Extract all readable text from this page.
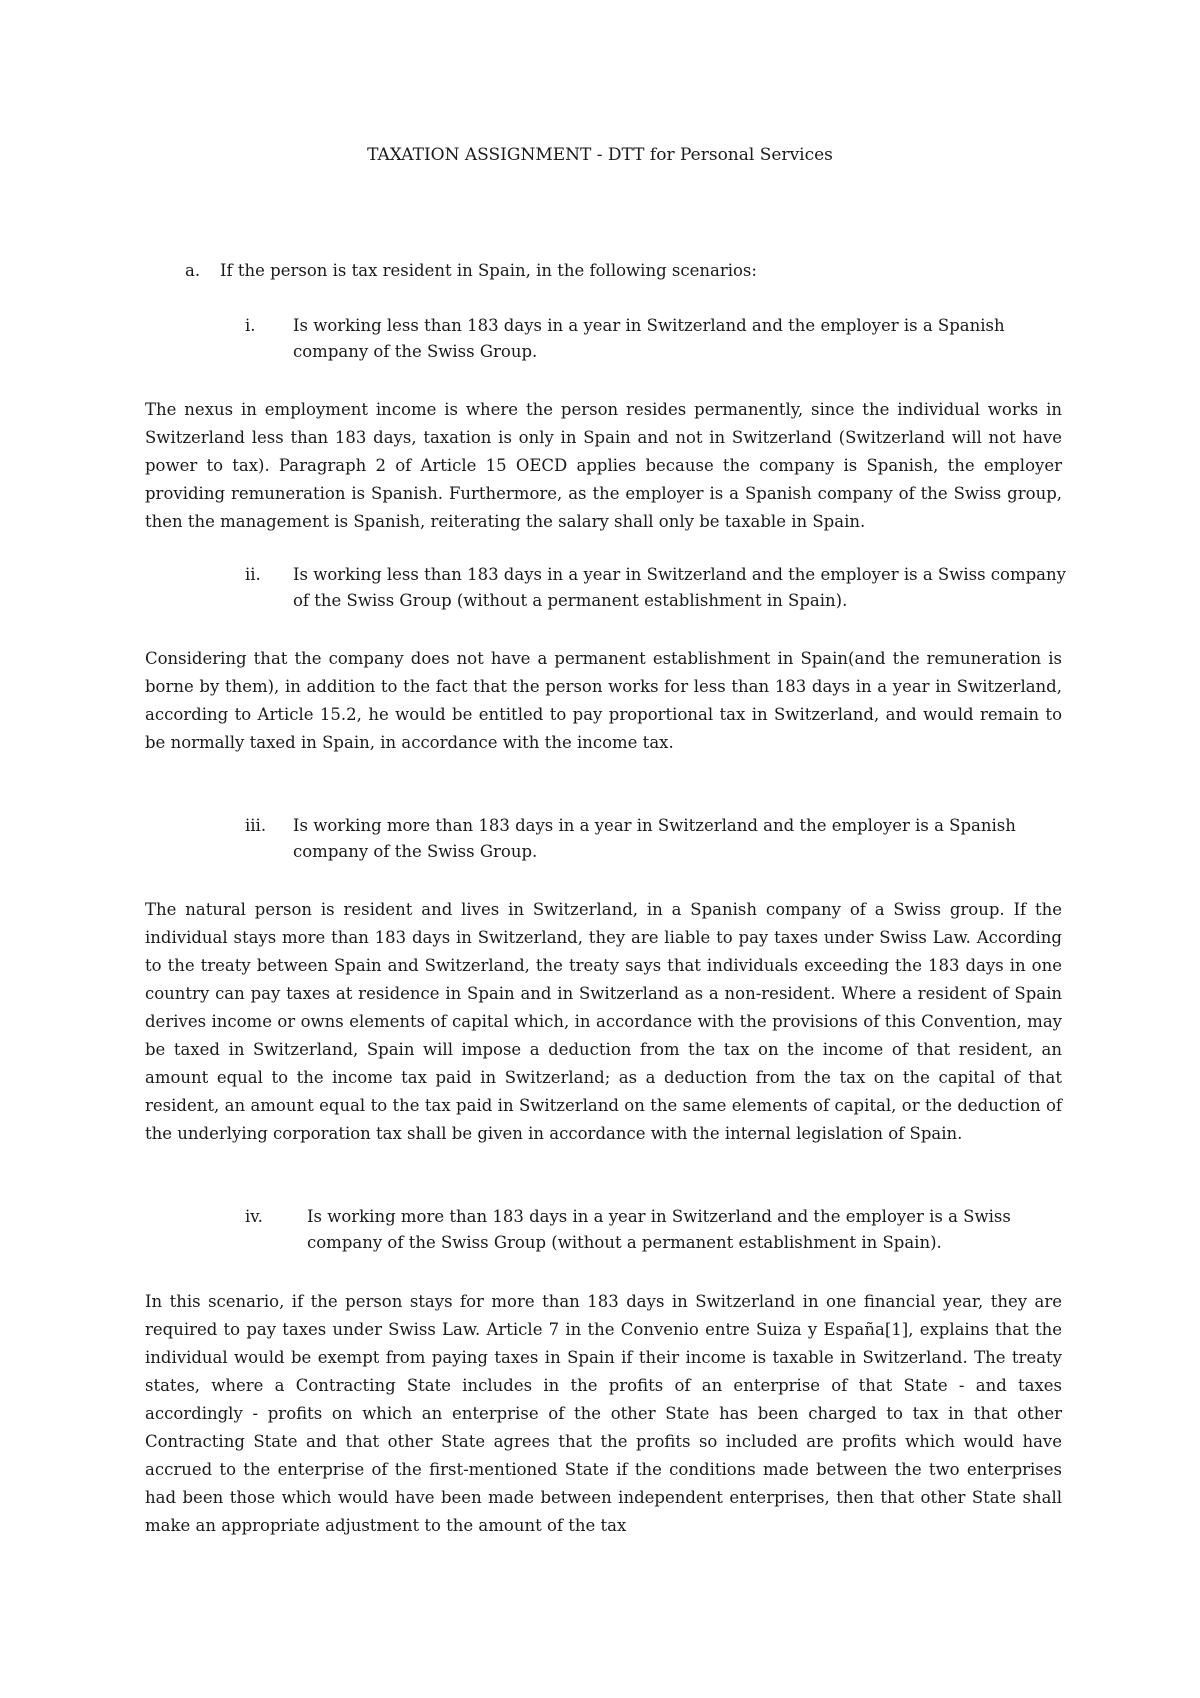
TAXATION ASSIGNMENT - DTT for Personal Services
a.	If the person is tax resident in Spain, in the following scenarios:
i.	Is working less than 183 days in a year in Switzerland and the employer is a Spanish company of the Swiss Group.

The nexus in employment income is where the person resides permanently, since the individual works in Switzerland less than 183 days, taxation is only in Spain and not in Switzerland (Switzerland will not have power to tax). Paragraph 2 of Article 15 OECD applies because the company is Spanish, the employer providing remuneration is Spanish. Furthermore, as the employer is a Spanish company of the Swiss group, then the management is Spanish, reiterating the salary shall only be taxable in Spain.

ii.	Is working less than 183 days in a year in Switzerland and the employer is a Swiss company of the Swiss Group (without a permanent establishment in Spain).

Considering that the company does not have a permanent establishment in Spain(and the remuneration is borne by them), in addition to the fact that the person works for less than 183 days in a year in Switzerland, according to Article 15.2, he would be entitled to pay proportional tax in Switzerland, and would remain to be normally taxed in Spain, in accordance with the income tax.

iii.	Is working more than 183 days in a year in Switzerland and the employer is a Spanish company of the Swiss Group.

The natural person is resident and lives in Switzerland, in a Spanish company of a Swiss group. If the individual stays more than 183 days in Switzerland, they are liable to pay taxes under Swiss Law. According to the treaty between Spain and Switzerland, the treaty says that individuals exceeding the 183 days in one country can pay taxes at residence in Spain and in Switzerland as a non-resident. Where a resident of Spain derives income or owns elements of capital which, in accordance with the provisions of this Convention, may be taxed in Switzerland, Spain will impose a deduction from the tax on the income of that resident, an amount equal to the income tax paid in Switzerland; as a deduction from the tax on the capital of that resident, an amount equal to the tax paid in Switzerland on the same elements of capital, or the deduction of the underlying corporation tax shall be given in accordance with the internal legislation of Spain.

iv.	Is working more than 183 days in a year in Switzerland and the employer is a Swiss company of the Swiss Group (without a permanent establishment in Spain).

In this scenario, if the person stays for more than 183 days in Switzerland in one financial year, they are required to pay taxes under Swiss Law. Article 7 in the Convenio entre Suiza y España[1], explains that the individual would be exempt from paying taxes in Spain if their income is taxable in Switzerland. The treaty states, where a Contracting State includes in the profits of an enterprise of that State - and taxes accordingly - profits on which an enterprise of the other State has been charged to tax in that other Contracting State and that other State agrees that the profits so included are profits which would have accrued to the enterprise of the first-mentioned State if the conditions made between the two enterprises had been those which would have been made between independent enterprises, then that other State shall make an appropriate adjustment to the amount of the tax
